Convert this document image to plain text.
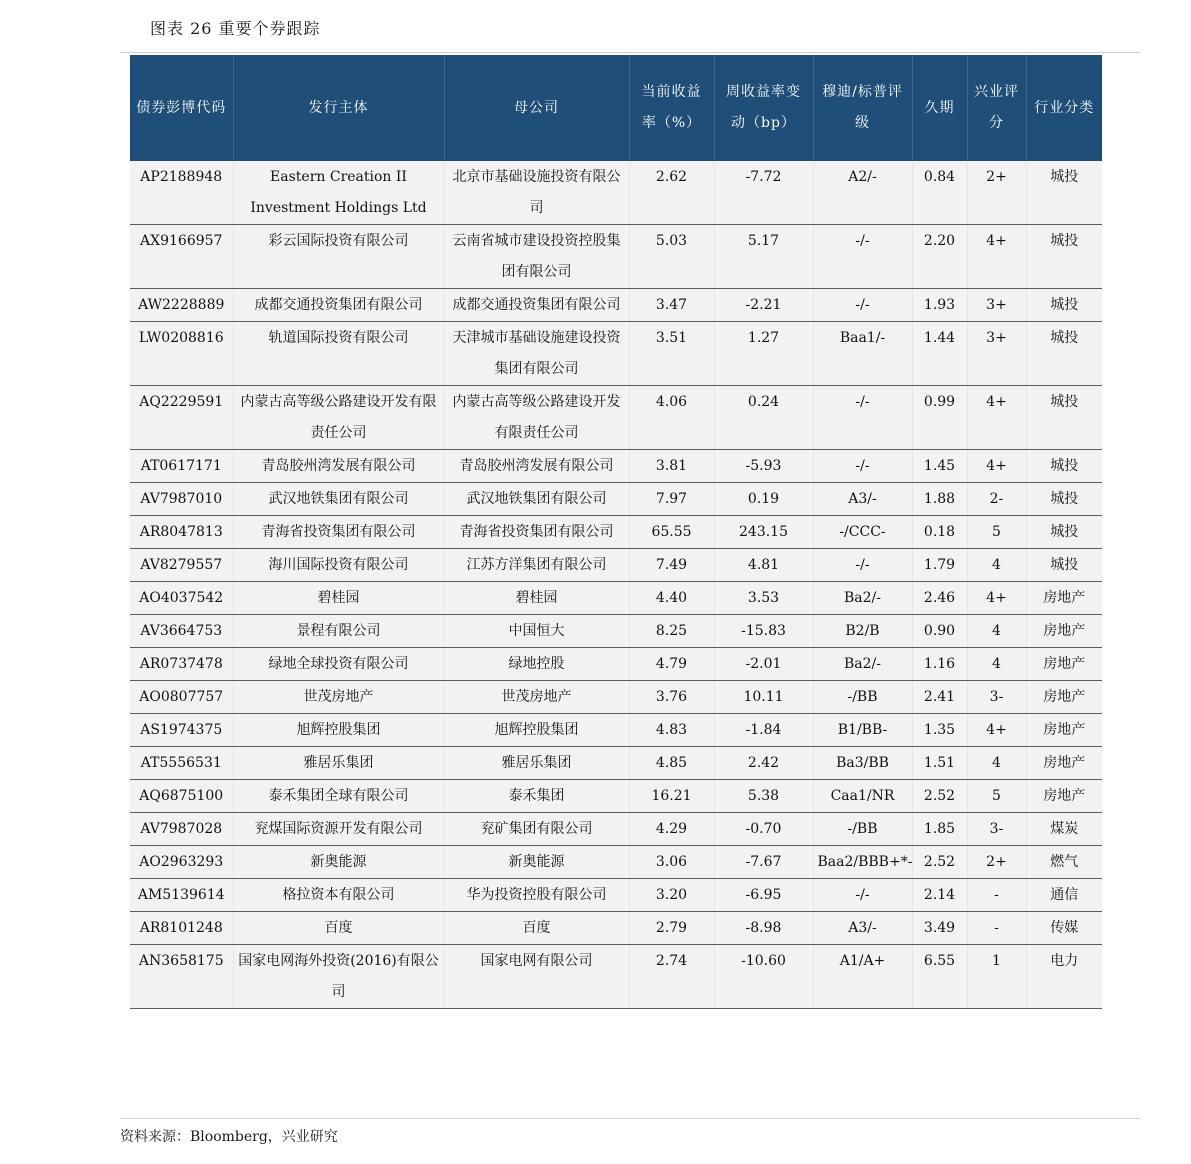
图表 26 重要个券跟踪
债券彭博代码	发行主体	母公司	当前收益率（%）	周收益率变动（bp）	穆迪/标普评级	久期	兴业评分	行业分类
AP2188948	Eastern Creation II Investment Holdings Ltd	北京市基础设施投资有限公司	2.62	-7.72	A2/-	0.84	2+	城投
AX9166957	彩云国际投资有限公司	云南省城市建设投资控股集团有限公司	5.03	5.17	-/-	2.20	4+	城投
AW2228889	成都交通投资集团有限公司	成都交通投资集团有限公司	3.47	-2.21	-/-	1.93	3+	城投
LW0208816	轨道国际投资有限公司	天津城市基础设施建设投资集团有限公司	3.51	1.27	Baa1/-	1.44	3+	城投
AQ2229591	内蒙古高等级公路建设开发有限责任公司	内蒙古高等级公路建设开发有限责任公司	4.06	0.24	-/-	0.99	4+	城投
AT0617171	青岛胶州湾发展有限公司	青岛胶州湾发展有限公司	3.81	-5.93	-/-	1.45	4+	城投
AV7987010	武汉地铁集团有限公司	武汉地铁集团有限公司	7.97	0.19	A3/-	1.88	2-	城投
AR8047813	青海省投资集团有限公司	青海省投资集团有限公司	65.55	243.15	-/CCC-	0.18	5	城投
AV8279557	海川国际投资有限公司	江苏方洋集团有限公司	7.49	4.81	-/-	1.79	4	城投
AO4037542	碧桂园	碧桂园	4.40	3.53	Ba2/-	2.46	4+	房地产
AV3664753	景程有限公司	中国恒大	8.25	-15.83	B2/B	0.90	4	房地产
AR0737478	绿地全球投资有限公司	绿地控股	4.79	-2.01	Ba2/-	1.16	4	房地产
AO0807757	世茂房地产	世茂房地产	3.76	10.11	-/BB	2.41	3-	房地产
AS1974375	旭辉控股集团	旭辉控股集团	4.83	-1.84	B1/BB-	1.35	4+	房地产
AT5556531	雅居乐集团	雅居乐集团	4.85	2.42	Ba3/BB	1.51	4	房地产
AQ6875100	泰禾集团全球有限公司	泰禾集团	16.21	5.38	Caa1/NR	2.52	5	房地产
AV7987028	兖煤国际资源开发有限公司	兖矿集团有限公司	4.29	-0.70	-/BB	1.85	3-	煤炭
AO2963293	新奥能源	新奥能源	3.06	-7.67	Baa2/BBB+*-	2.52	2+	燃气
AM5139614	格拉资本有限公司	华为投资控股有限公司	3.20	-6.95	-/-	2.14	-	通信
AR8101248	百度	百度	2.79	-8.98	A3/-	3.49	-	传媒
AN3658175	国家电网海外投资(2016)有限公司	国家电网有限公司	2.74	-10.60	A1/A+	6.55	1	电力
资料来源：Bloomberg，兴业研究
